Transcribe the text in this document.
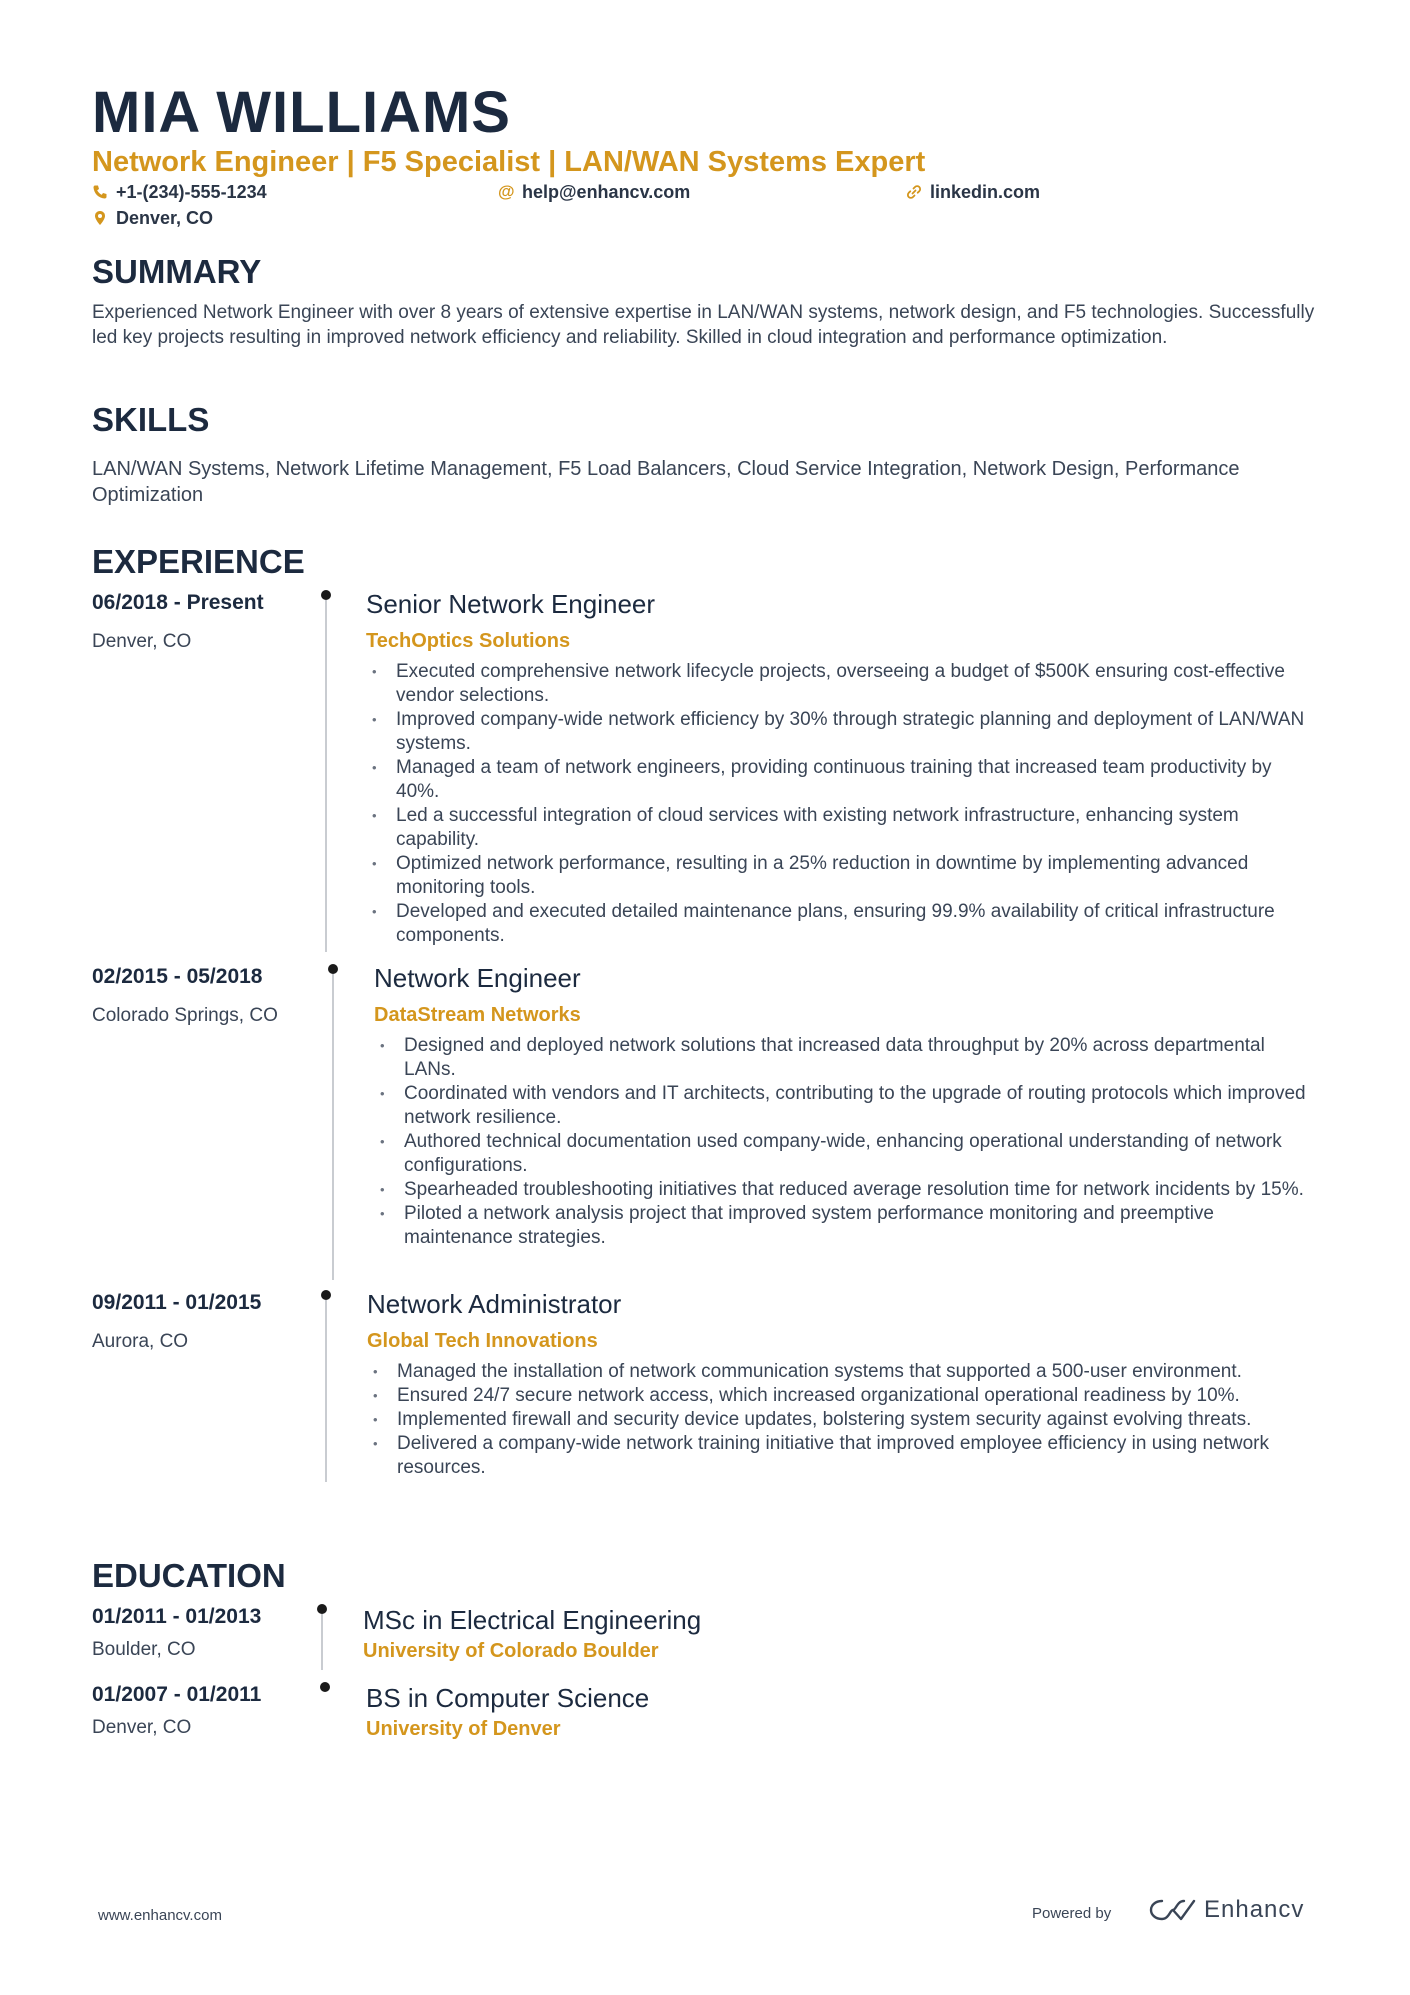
MIA WILLIAMS
Network Engineer | F5 Specialist | LAN/WAN Systems Expert
+1-(234)-555-1234	@ help@enhancv.com	linkedin.com
Denver, CO
SUMMARY

Experienced Network Engineer with over 8 years of extensive expertise in LAN/WAN systems, network design, and F5 technologies. Successfully led key projects resulting in improved network efficiency and reliability. Skilled in cloud integration and performance optimization.

SKILLS

LAN/WAN Systems, Network Lifetime Management, F5 Load Balancers, Cloud Service Integration, Network Design, Performance Optimization

EXPERIENCE
06/2018 - Present
Denver, CO
Senior Network Engineer
TechOptics Solutions
• Executed comprehensive network lifecycle projects, overseeing a budget of $500K ensuring cost-effective vendor selections.
• Improved company-wide network efficiency by 30% through strategic planning and deployment of LAN/WAN systems.
• Managed a team of network engineers, providing continuous training that increased team productivity by 40%.
• Led a successful integration of cloud services with existing network infrastructure, enhancing system capability.
• Optimized network performance, resulting in a 25% reduction in downtime by implementing advanced monitoring tools.
• Developed and executed detailed maintenance plans, ensuring 99.9% availability of critical infrastructure components.
02/2015 - 05/2018
Colorado Springs, CO
Network Engineer
DataStream Networks
• Designed and deployed network solutions that increased data throughput by 20% across departmental LANs.
• Coordinated with vendors and IT architects, contributing to the upgrade of routing protocols which improved network resilience.
• Authored technical documentation used company-wide, enhancing operational understanding of network configurations.
• Spearheaded troubleshooting initiatives that reduced average resolution time for network incidents by 15%.
• Piloted a network analysis project that improved system performance monitoring and preemptive maintenance strategies.
09/2011 - 01/2015
Aurora, CO
Network Administrator
Global Tech Innovations
• Managed the installation of network communication systems that supported a 500-user environment.
• Ensured 24/7 secure network access, which increased organizational operational readiness by 10%.
• Implemented firewall and security device updates, bolstering system security against evolving threats.
• Delivered a company-wide network training initiative that improved employee efficiency in using network resources.
EDUCATION
01/2011 - 01/2013
Boulder, CO
MSc in Electrical Engineering
University of Colorado Boulder
01/2007 - 01/2011
Denver, CO
BS in Computer Science
University of Denver
www.enhancv.com	Powered by	Enhancv
